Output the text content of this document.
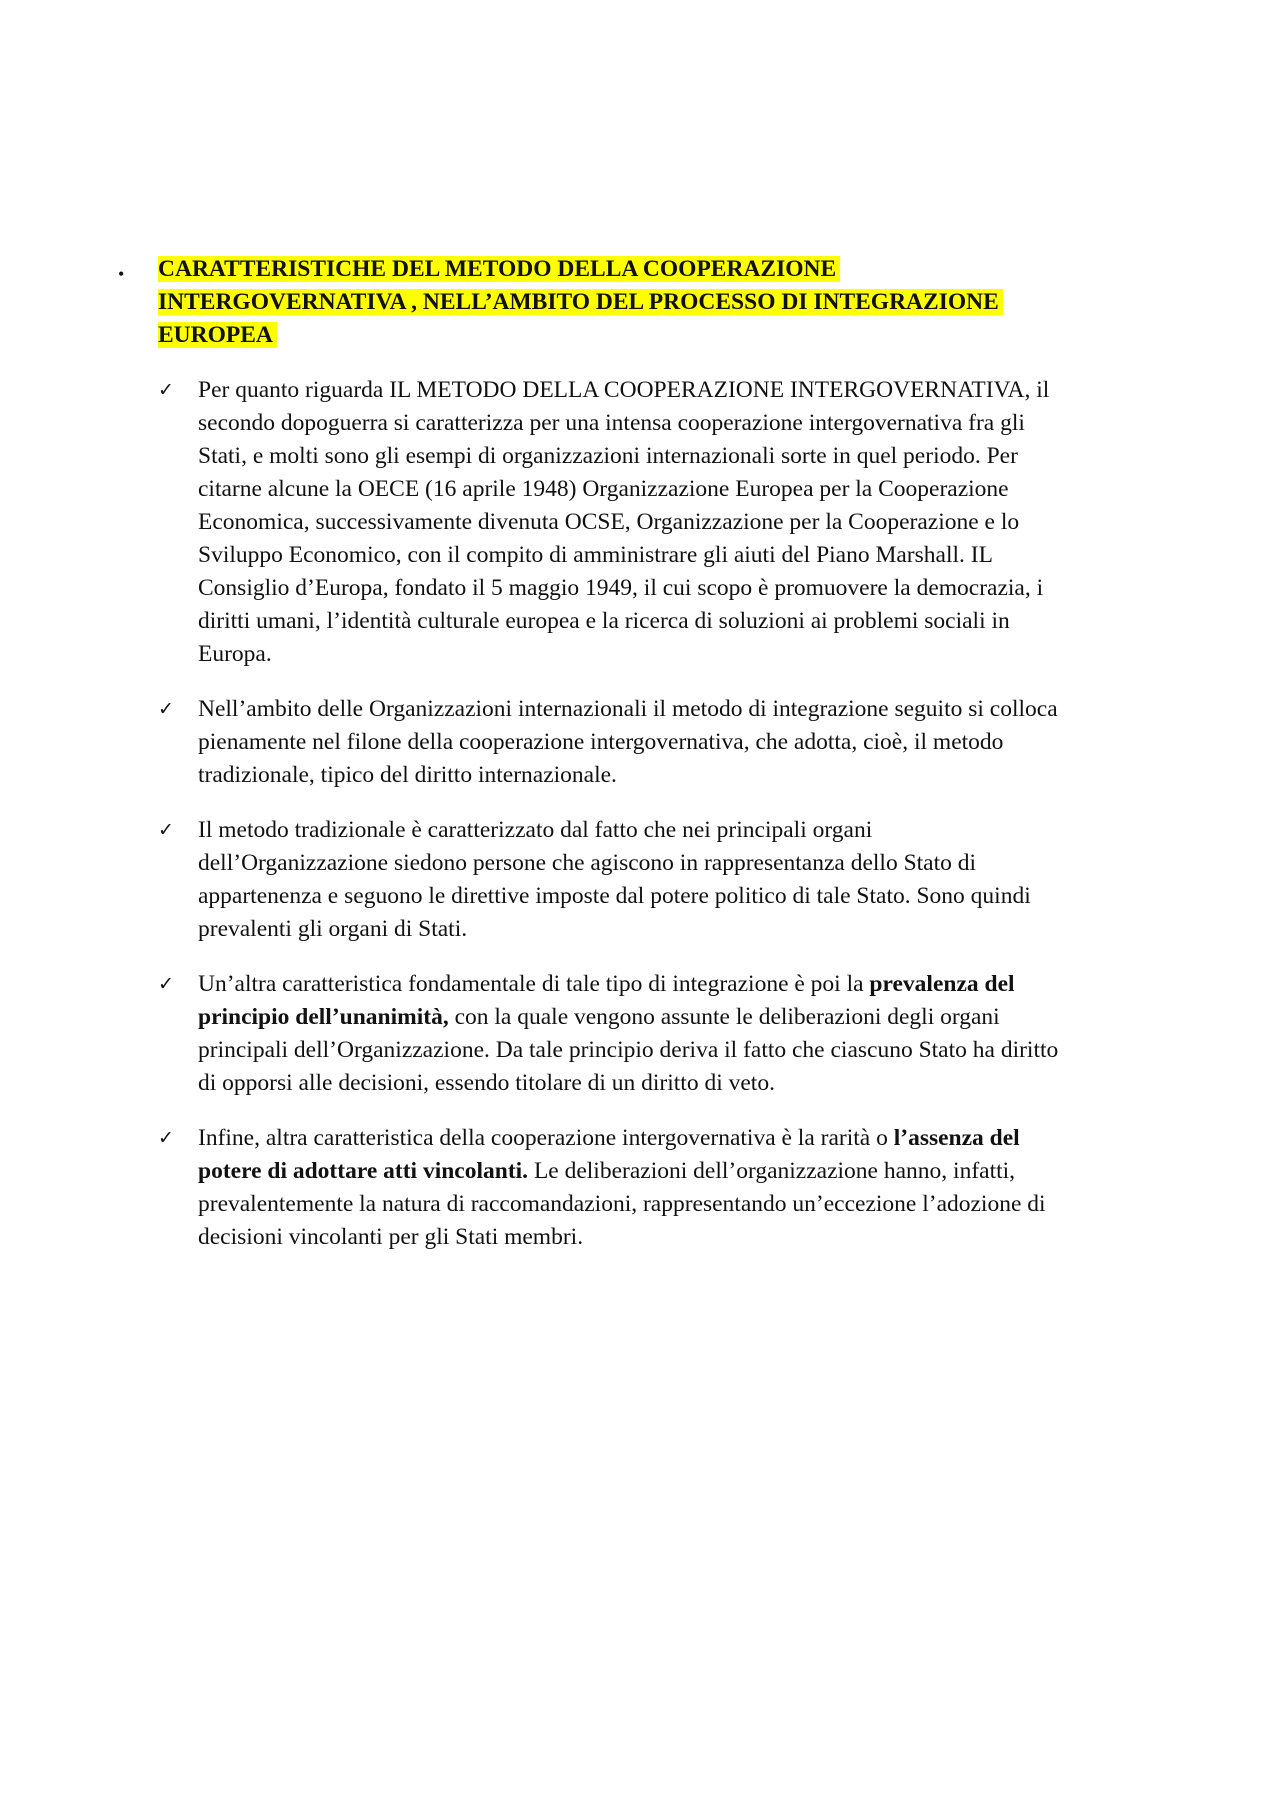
• CARATTERISTICHE DEL METODO DELLA COOPERAZIONE
INTERGOVERNATIVA , NELL’AMBITO DEL PROCESSO DI INTEGRAZIONE
EUROPEA
✓ Per quanto riguarda IL METODO DELLA COOPERAZIONE INTERGOVERNATIVA, il
secondo dopoguerra si caratterizza per una intensa cooperazione intergovernativa fra gli
Stati, e molti sono gli esempi di organizzazioni internazionali sorte in quel periodo. Per
citarne alcune la OECE (16 aprile 1948) Organizzazione Europea per la Cooperazione
Economica, successivamente divenuta OCSE, Organizzazione per la Cooperazione e lo
Sviluppo Economico, con il compito di amministrare gli aiuti del Piano Marshall. IL
Consiglio d’Europa, fondato il 5 maggio 1949, il cui scopo è promuovere la democrazia, i
diritti umani, l’identità culturale europea e la ricerca di soluzioni ai problemi sociali in
Europa.
✓ Nell’ambito delle Organizzazioni internazionali il metodo di integrazione seguito si colloca
pienamente nel filone della cooperazione intergovernativa, che adotta, cioè, il metodo
tradizionale, tipico del diritto internazionale.
✓ Il metodo tradizionale è caratterizzato dal fatto che nei principali organi
dell’Organizzazione siedono persone che agiscono in rappresentanza dello Stato di
appartenenza e seguono le direttive imposte dal potere politico di tale Stato. Sono quindi
prevalenti gli organi di Stati.
✓ Un’altra caratteristica fondamentale di tale tipo di integrazione è poi la prevalenza del
principio dell’unanimità, con la quale vengono assunte le deliberazioni degli organi
principali dell’Organizzazione. Da tale principio deriva il fatto che ciascuno Stato ha diritto
di opporsi alle decisioni, essendo titolare di un diritto di veto.
✓ Infine, altra caratteristica della cooperazione intergovernativa è la rarità o l’assenza del
potere di adottare atti vincolanti. Le deliberazioni dell’organizzazione hanno, infatti,
prevalentemente la natura di raccomandazioni, rappresentando un’eccezione l’adozione di
decisioni vincolanti per gli Stati membri.
